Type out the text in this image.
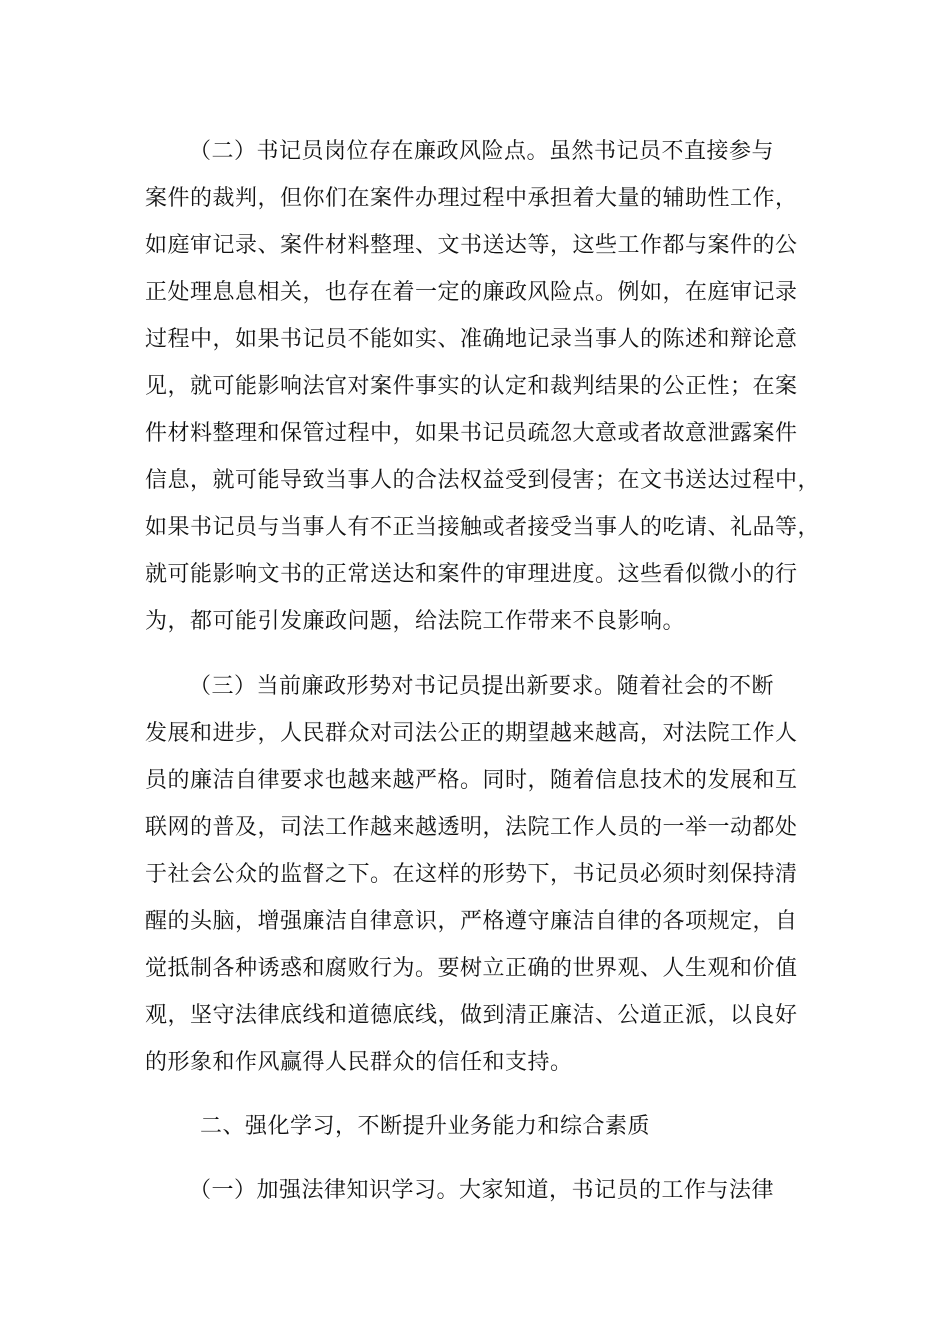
（二）书记员岗位存在廉政风险点。虽然书记员不直接参与
案件的裁判，但你们在案件办理过程中承担着大量的辅助性工作，
如庭审记录、案件材料整理、文书送达等，这些工作都与案件的公
正处理息息相关，也存在着一定的廉政风险点。例如，在庭审记录
过程中，如果书记员不能如实、准确地记录当事人的陈述和辩论意
见，就可能影响法官对案件事实的认定和裁判结果的公正性；在案
件材料整理和保管过程中，如果书记员疏忽大意或者故意泄露案件
信息，就可能导致当事人的合法权益受到侵害；在文书送达过程中，
如果书记员与当事人有不正当接触或者接受当事人的吃请、礼品等，
就可能影响文书的正常送达和案件的审理进度。这些看似微小的行
为，都可能引发廉政问题，给法院工作带来不良影响。
（三）当前廉政形势对书记员提出新要求。随着社会的不断
发展和进步，人民群众对司法公正的期望越来越高，对法院工作人
员的廉洁自律要求也越来越严格。同时，随着信息技术的发展和互
联网的普及，司法工作越来越透明，法院工作人员的一举一动都处
于社会公众的监督之下。在这样的形势下，书记员必须时刻保持清
醒的头脑，增强廉洁自律意识，严格遵守廉洁自律的各项规定，自
觉抵制各种诱惑和腐败行为。要树立正确的世界观、人生观和价值
观，坚守法律底线和道德底线，做到清正廉洁、公道正派，以良好
的形象和作风赢得人民群众的信任和支持。
二、强化学习，不断提升业务能力和综合素质
（一）加强法律知识学习。大家知道，书记员的工作与法律
